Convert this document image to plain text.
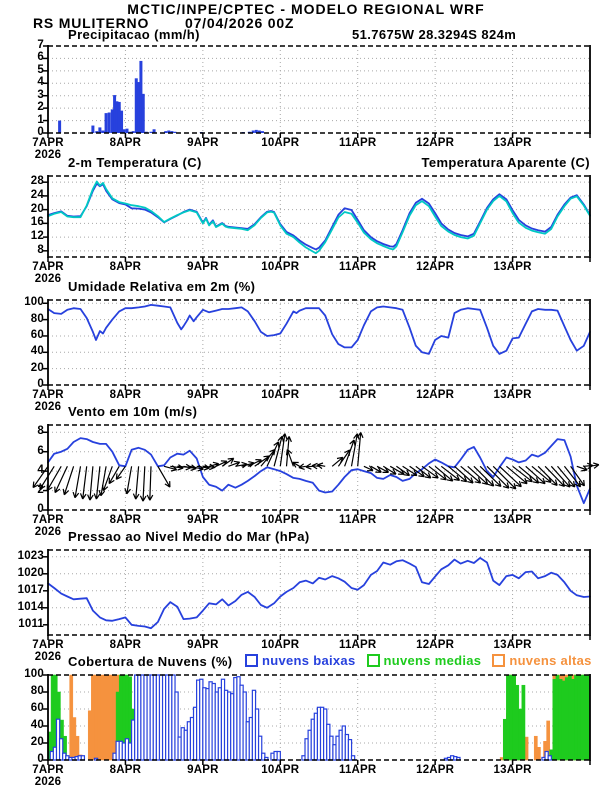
MCTIC/INPE/CPTEC - MODELO REGIONAL WRF
RS MULITERNO	07/04/2026 00Z
51.7675W 28.3294S 824m
Precipitacao (mm/h)
2-m Temperatura (C)	Temperatura Aparente (C)
Umidade Relativa em 2m (%)
Vento em 10m (m/s)
Pressao ao Nivel Medio do Mar (hPa)
Cobertura de Nuvens (%) nuvens baixas nuvens medias nuvens altas
0
1
2
3
4
5
6
7
7APR	8APR	9APR	10APR	11APR	12APR	13APR
2026
8
12
16
20
24
28
7APR	8APR	9APR	10APR	11APR	12APR	13APR
2026
0
20
40
60
80
100
7APR	8APR	9APR	10APR	11APR	12APR	13APR
2026
0
2
4
6
8
7APR	8APR	9APR	10APR	11APR	12APR	13APR
2026
1011
1014
1017
1020
1023
7APR	8APR	9APR	10APR	11APR	12APR	13APR
2026
0
20
40
60
80
100
7APR	8APR	9APR	10APR	11APR	12APR	13APR
2026
